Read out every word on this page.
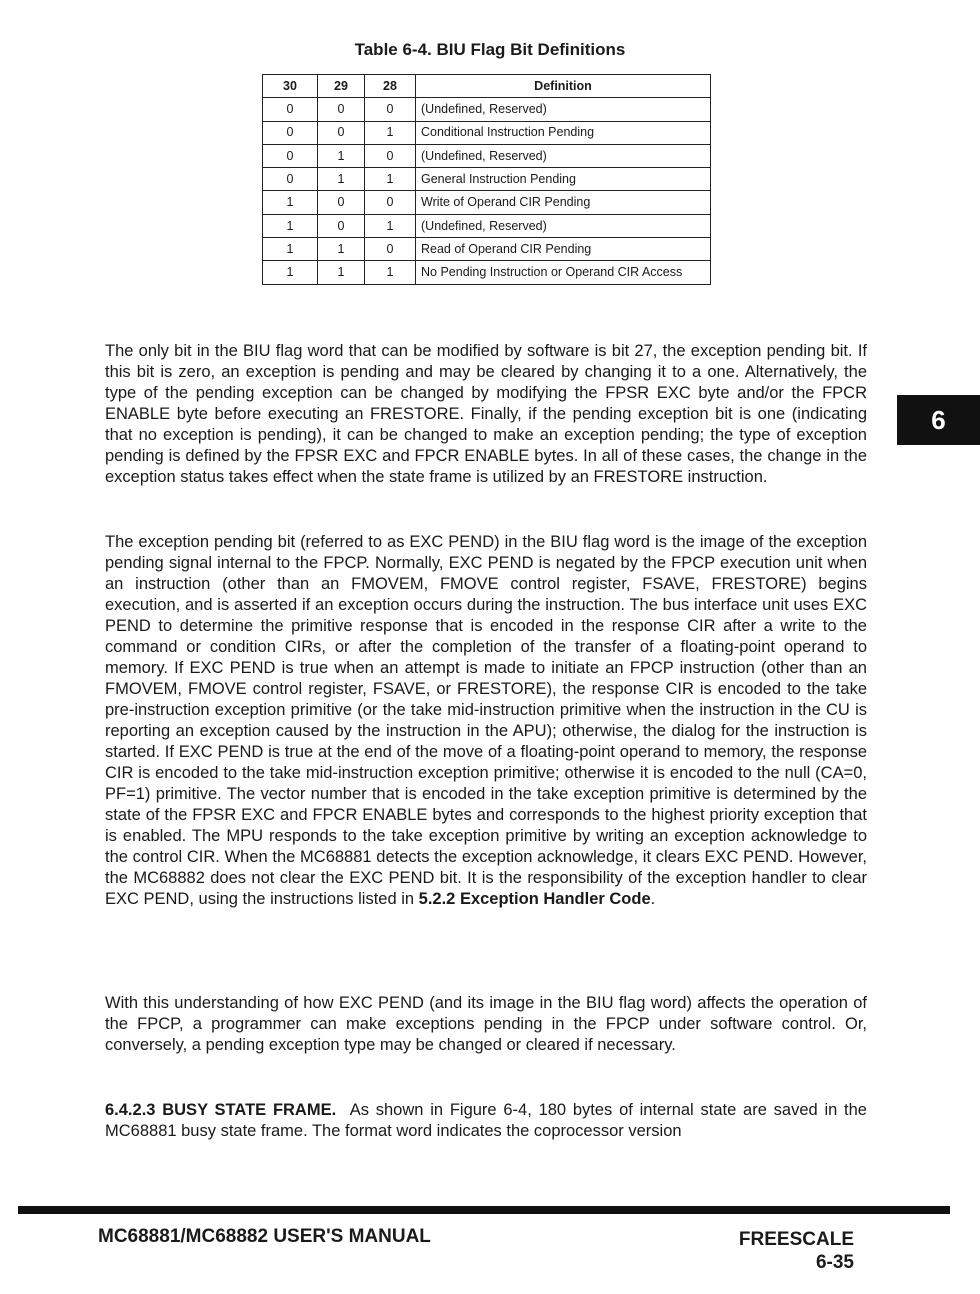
Table 6-4. BIU Flag Bit Definitions
30	29	28	Definition
0	0	0	(Undefined, Reserved)
0	0	1	Conditional Instruction Pending
0	1	0	(Undefined, Reserved)
0	1	1	General Instruction Pending
1	0	0	Write of Operand CIR Pending
1	0	1	(Undefined, Reserved)
1	1	0	Read of Operand CIR Pending
1	1	1	No Pending Instruction or Operand CIR Access

The only bit in the BIU flag word that can be modified by software is bit 27, the exception pending bit. If this bit is zero, an exception is pending and may be cleared by changing it to a one. Alternatively, the type of the pending exception can be changed by modifying the FPSR EXC byte and/or the FPCR ENABLE byte before executing an FRESTORE. Finally, if the pending exception bit is one (indicating that no exception is pending), it can be changed to make an exception pending; the type of exception pending is defined by the FPSR EXC and FPCR ENABLE bytes. In all of these cases, the change in the exception status takes effect when the state frame is utilized by an FRESTORE instruction.

The exception pending bit (referred to as EXC PEND) in the BIU flag word is the image of the exception pending signal internal to the FPCP. Normally, EXC PEND is negated by the FPCP execution unit when an instruction (other than an FMOVEM, FMOVE control register, FSAVE, FRESTORE) begins execution, and is asserted if an exception occurs during the instruction. The bus interface unit uses EXC PEND to determine the primitive response that is encoded in the response CIR after a write to the command or condition CIRs, or after the completion of the transfer of a floating-point operand to memory. If EXC PEND is true when an attempt is made to initiate an FPCP instruction (other than an FMOVEM, FMOVE control register, FSAVE, or FRESTORE), the response CIR is encoded to the take pre-instruction exception primitive (or the take mid-instruction primitive when the instruction in the CU is reporting an exception caused by the instruction in the APU); otherwise, the dialog for the instruction is started. If EXC PEND is true at the end of the move of a floating-point operand to memory, the response CIR is encoded to the take mid-instruction exception primitive; otherwise it is encoded to the null (CA=0, PF=1) primitive. The vector number that is encoded in the take exception primitive is determined by the state of the FPSR EXC and FPCR ENABLE bytes and corresponds to the highest priority exception that is enabled. The MPU responds to the take exception primitive by writing an exception acknowledge to the control CIR. When the MC68881 detects the exception acknowledge, it clears EXC PEND. However, the MC68882 does not clear the EXC PEND bit. It is the responsibility of the exception handler to clear EXC PEND, using the instructions listed in 5.2.2 Exception Handler Code.

With this understanding of how EXC PEND (and its image in the BIU flag word) affects the operation of the FPCP, a programmer can make exceptions pending in the FPCP under software control. Or, conversely, a pending exception type may be changed or cleared if necessary.

6.4.2.3 BUSY STATE FRAME. As shown in Figure 6-4, 180 bytes of internal state are saved in the MC68881 busy state frame. The format word indicates the coprocessor version

6
MC68881/MC68882 USER'S MANUAL	FREESCALE
6-35
